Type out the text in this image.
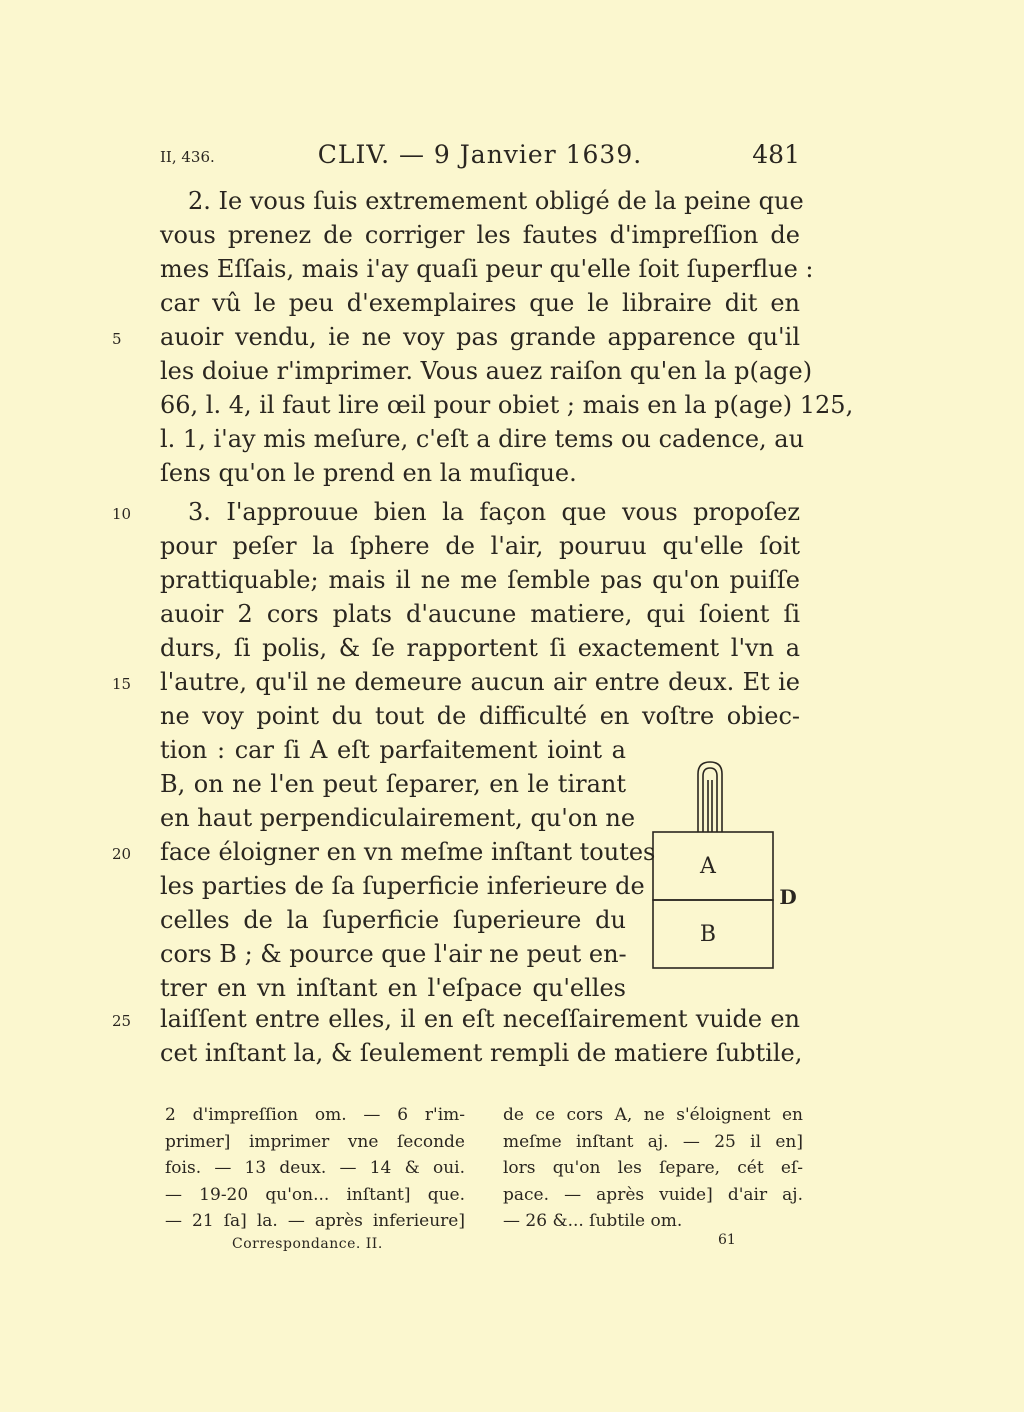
II, 436.	CLIV. — 9 Janvier 1639.	481
2. Ie vous ſuis extremement obligé de la peine que
vous prenez de corriger les fautes d'impreſſion de
mes Eſſais, mais i'ay quaſi peur qu'elle ſoit ſuperflue :
car vû le peu d'exemplaires que le libraire dit en
auoir vendu, ie ne voy pas grande apparence qu'il
les doiue r'imprimer. Vous auez raiſon qu'en la p(age)
66, l. 4, il faut lire œil pour obiet ; mais en la p(age) 125,
l. 1, i'ay mis meſure, c'eſt a dire tems ou cadence, au
ſens qu'on le prend en la muſique.
3. I'approuue bien la façon que vous propoſez
pour peſer la ſphere de l'air, pouruu qu'elle ſoit
prattiquable; mais il ne me ſemble pas qu'on puiſſe
auoir 2 cors plats d'aucune matiere, qui ſoient ſi
durs, ſi polis, & ſe rapportent ſi exactement l'vn a
l'autre, qu'il ne demeure aucun air entre deux. Et ie
ne voy point du tout de difficulté en voſtre obiec-
tion : car ſi A eſt parfaitement ioint a
B, on ne l'en peut ſeparer, en le tirant
en haut perpendiculairement, qu'on ne
face éloigner en vn meſme inſtant toutes
les parties de ſa ſuperficie inferieure de
celles de la ſuperficie ſuperieure du
cors B ; & pource que l'air ne peut en-
trer en vn inſtant en l'eſpace qu'elles
laiſſent entre elles, il en eſt neceſſairement vuide en
cet inſtant la, & ſeulement rempli de matiere ſubtile,
5
10
15
20
25
A
B
D
2 d'impreſſion om. — 6 r'im-
primer] imprimer vne ſeconde
fois. — 13 deux. — 14 & oui.
— 19-20 qu'on... inſtant] que.
— 21 ſa] la. — après inferieure]
de ce cors A, ne s'éloignent en
meſme inſtant aj. — 25 il en]
lors qu'on les ſepare, cét eſ-
pace. — après vuide] d'air aj.
— 26 &... ſubtile om.
Correspondance. II.	61
